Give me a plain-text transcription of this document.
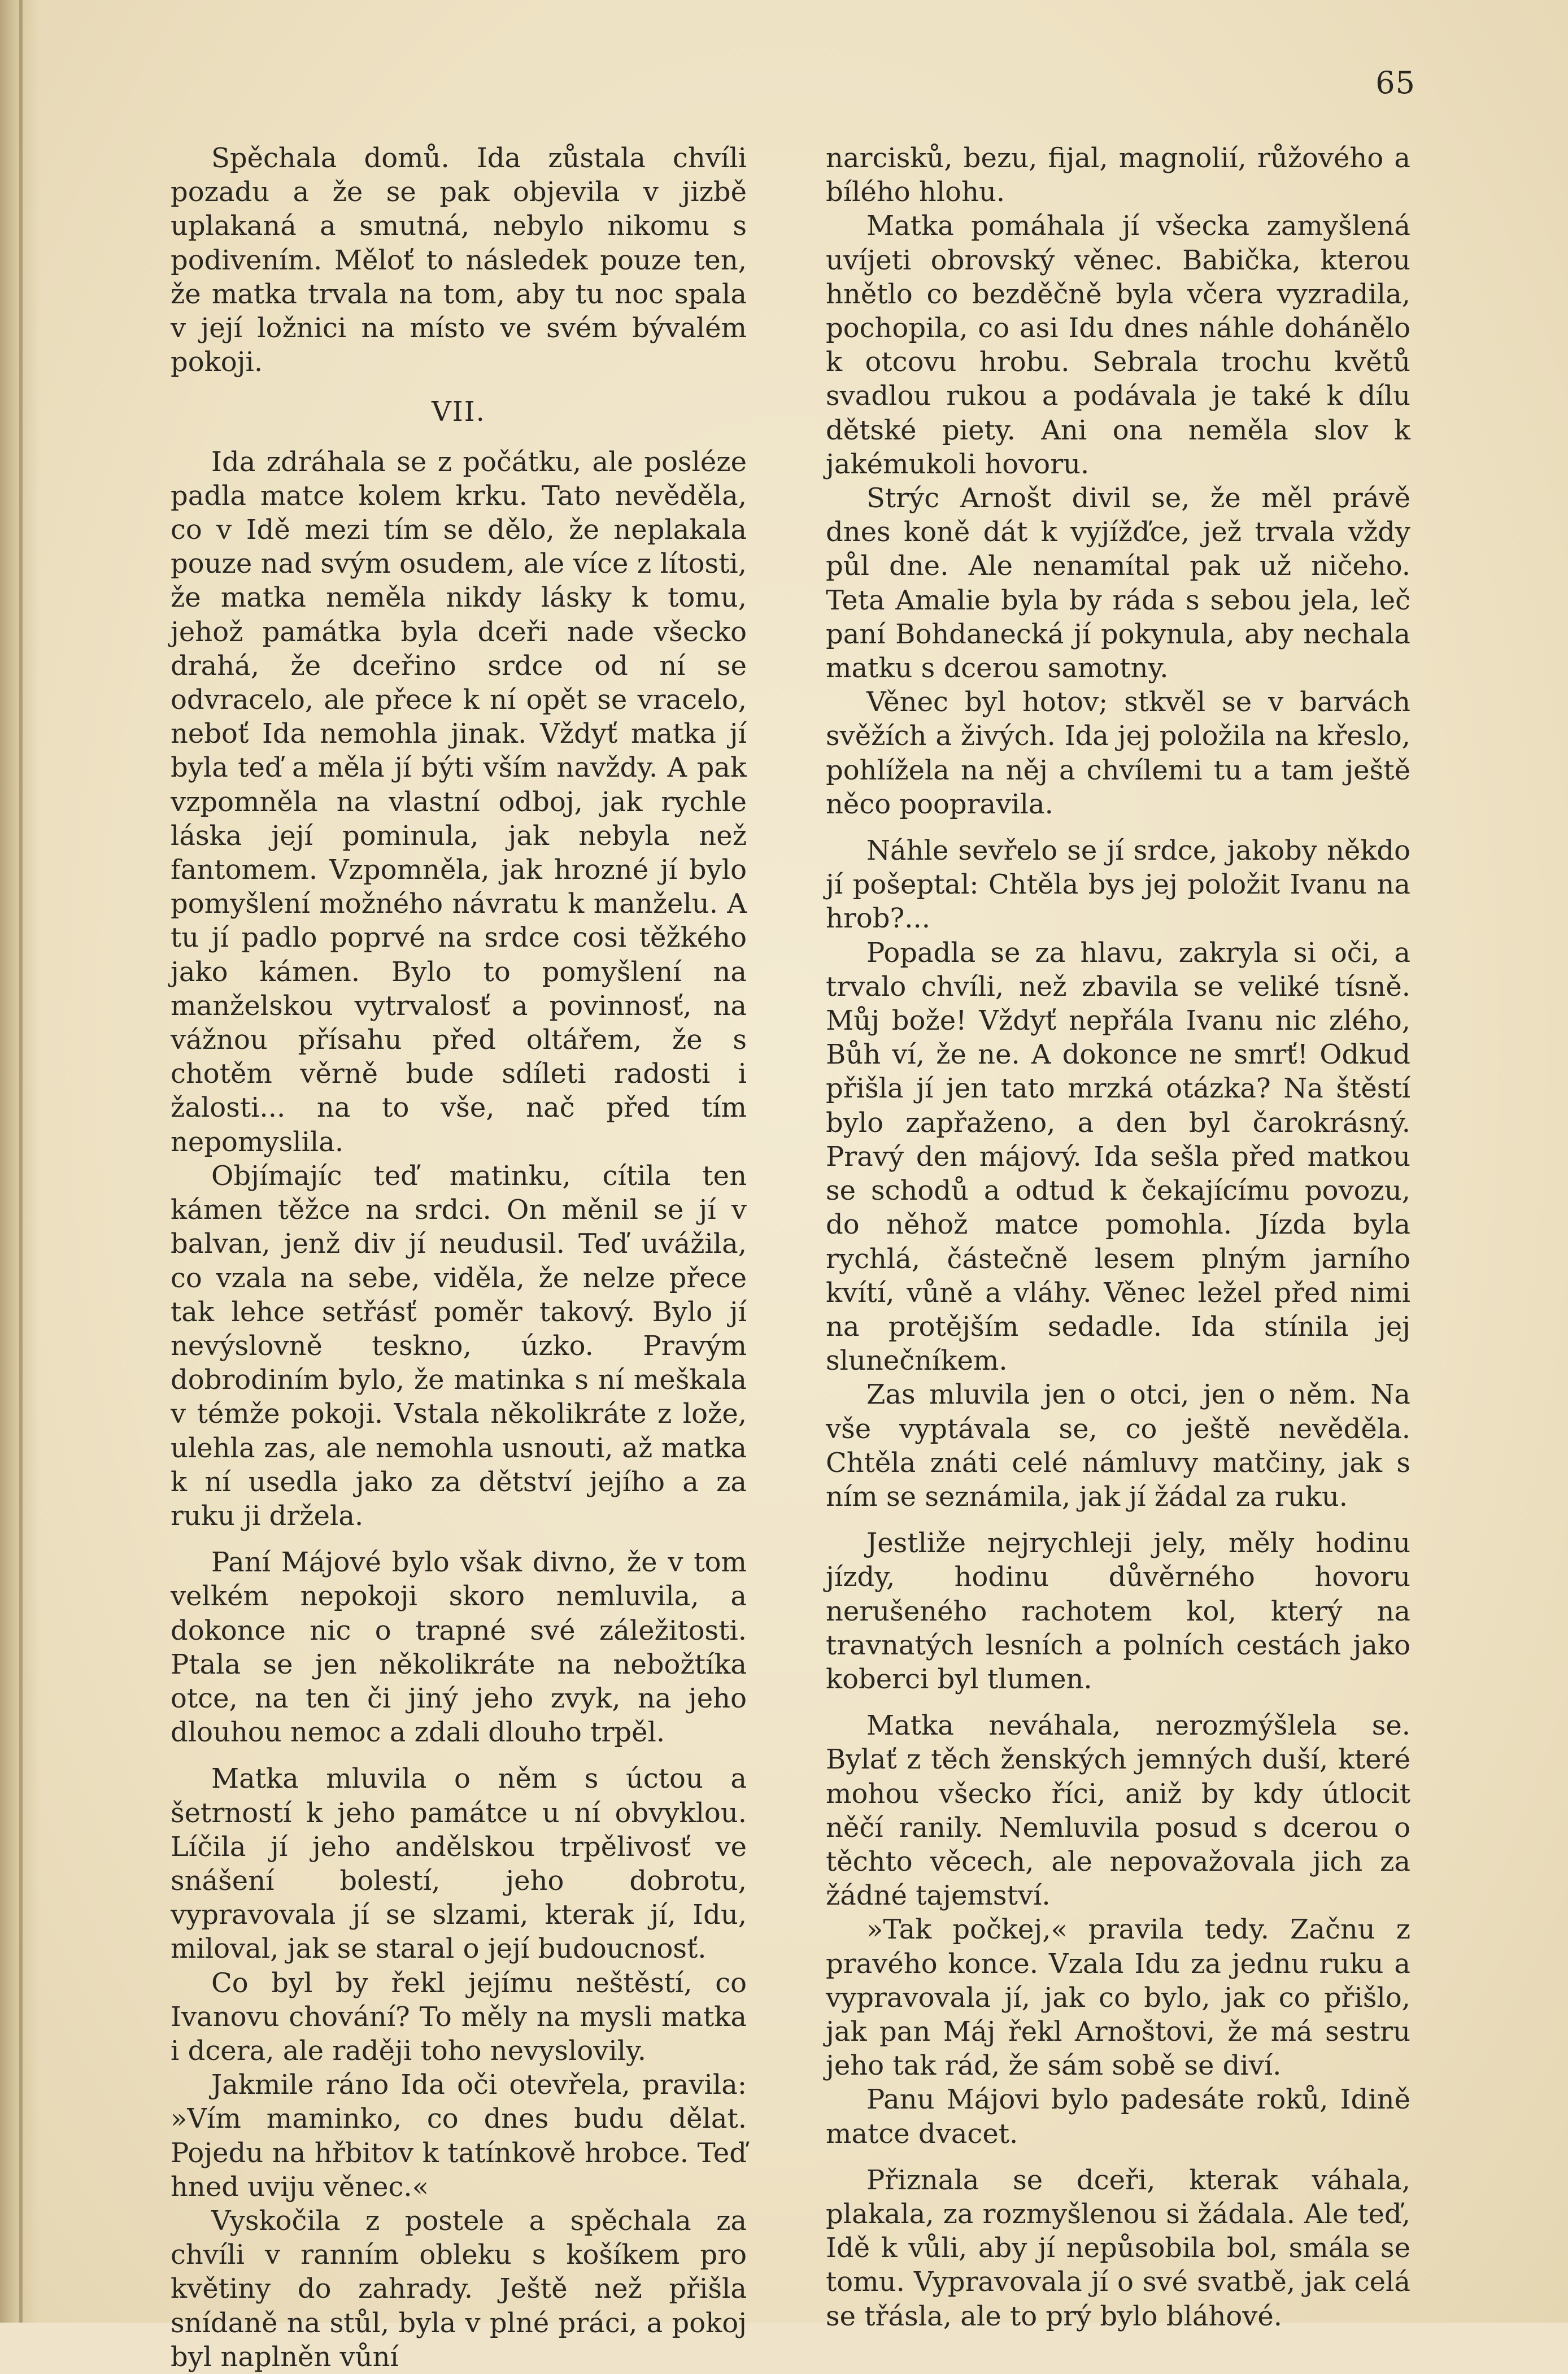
65

Spěchala domů. Ida zůstala chvíli pozadu a že se pak objevila v jizbě uplakaná a smutná, nebylo nikomu s podivením. Měloť to následek pouze ten, že matka trvala na tom, aby tu noc spala v její ložnici na místo ve svém bývalém pokoji.

VII.

Ida zdráhala se z počátku, ale posléze padla matce kolem krku. Tato nevěděla, co v Idě mezi tím se dělo, že neplakala pouze nad svým osudem, ale více z lítosti, že matka neměla nikdy lásky k tomu, jehož památka byla dceři nade všecko drahá, že dceřino srdce od ní se odvracelo, ale přece k ní opět se vracelo, neboť Ida nemohla jinak. Vždyť matka jí byla teď a měla jí býti vším navždy. A pak vzpomněla na vlastní odboj, jak rychle láska její pominula, jak nebyla než fantomem. Vzpomněla, jak hrozné jí bylo pomyšlení možného návratu k manželu. A tu jí padlo poprvé na srdce cosi těžkého jako kámen. Bylo to pomyšlení na manželskou vytrvalosť a povinnosť, na vážnou přísahu před oltářem, že s chotěm věrně bude sdíleti radosti i žalosti... na to vše, nač před tím nepomyslila.

Objímajíc teď matinku, cítila ten kámen těžce na srdci. On měnil se jí v balvan, jenž div jí neudusil. Teď uvážila, co vzala na sebe, viděla, že nelze přece tak lehce setřásť poměr takový. Bylo jí nevýslovně teskno, úzko. Pravým dobrodiním bylo, že matinka s ní meškala v témže pokoji. Vstala několikráte z lože, ulehla zas, ale nemohla usnouti, až matka k ní usedla jako za dětství jejího a za ruku ji držela.

Paní Májové bylo však divno, že v tom velkém nepokoji skoro nemluvila, a dokonce nic o trapné své záležitosti. Ptala se jen několikráte na nebožtíka otce, na ten či jiný jeho zvyk, na jeho dlouhou nemoc a zdali dlouho trpěl.

Matka mluvila o něm s úctou a šetrností k jeho památce u ní obvyklou. Líčila jí jeho andělskou trpělivosť ve snášení bolestí, jeho dobrotu, vypravovala jí se slzami, kterak jí, Idu, miloval, jak se staral o její budoucnosť.

Co byl by řekl jejímu neštěstí, co Ivanovu chování? To měly na mysli matka i dcera, ale raději toho nevyslovily.

Jakmile ráno Ida oči otevřela, pravila: »Vím maminko, co dnes budu dělat. Pojedu na hřbitov k tatínkově hrobce. Teď hned uviju věnec.«

Vyskočila z postele a spěchala za chvíli v ranním obleku s košíkem pro květiny do zahrady. Ještě než přišla snídaně na stůl, byla v plné práci, a pokoj byl naplněn vůní

narcisků, bezu, fijal, magnolií, růžového a bílého hlohu.

Matka pomáhala jí všecka zamyšlená uvíjeti obrovský věnec. Babička, kterou hnětlo co bezděčně byla včera vyzradila, pochopila, co asi Idu dnes náhle dohánělo k otcovu hrobu. Sebrala trochu květů svadlou rukou a podávala je také k dílu dětské piety. Ani ona neměla slov k jakémukoli hovoru.

Strýc Arnošt divil se, že měl právě dnes koně dát k vyjížďce, jež trvala vždy půl dne. Ale nenamítal pak už ničeho. Teta Amalie byla by ráda s sebou jela, leč paní Bohdanecká jí pokynula, aby nechala matku s dcerou samotny.

Věnec byl hotov; stkvěl se v barvách svěžích a živých. Ida jej položila na křeslo, pohlížela na něj a chvílemi tu a tam ještě něco poopravila.

Náhle sevřelo se jí srdce, jakoby někdo jí pošeptal: Chtěla bys jej položit Ivanu na hrob?...

Popadla se za hlavu, zakryla si oči, a trvalo chvíli, než zbavila se veliké tísně. Můj bože! Vždyť nepřála Ivanu nic zlého, Bůh ví, že ne. A dokonce ne smrť! Odkud přišla jí jen tato mrzká otázka? Na štěstí bylo zapřaženo, a den byl čarokrásný. Pravý den májový. Ida sešla před matkou se schodů a odtud k čekajícímu povozu, do něhož matce pomohla. Jízda byla rychlá, částečně lesem plným jarního kvítí, vůně a vláhy. Věnec ležel před nimi na protějším sedadle. Ida stínila jej slunečníkem.

Zas mluvila jen o otci, jen o něm. Na vše vyptávala se, co ještě nevěděla. Chtěla znáti celé námluvy matčiny, jak s ním se seznámila, jak jí žádal za ruku.

Jestliže nejrychleji jely, měly hodinu jízdy, hodinu důvěrného hovoru nerušeného rachotem kol, který na travnatých lesních a polních cestách jako koberci byl tlumen.

Matka neváhala, nerozmýšlela se. Bylať z těch ženských jemných duší, které mohou všecko říci, aniž by kdy útlocit něčí ranily. Nemluvila posud s dcerou o těchto věcech, ale nepovažovala jich za žádné tajemství.

»Tak počkej,« pravila tedy. Začnu z pravého konce. Vzala Idu za jednu ruku a vypravovala jí, jak co bylo, jak co přišlo, jak pan Máj řekl Arnoštovi, že má sestru jeho tak rád, že sám sobě se diví.

Panu Májovi bylo padesáte roků, Idině matce dvacet.

Přiznala se dceři, kterak váhala, plakala, za rozmyšlenou si žádala. Ale teď, Idě k vůli, aby jí nepůsobila bol, smála se tomu. Vypravovala jí o své svatbě, jak celá se třásla, ale to prý bylo bláhové.
